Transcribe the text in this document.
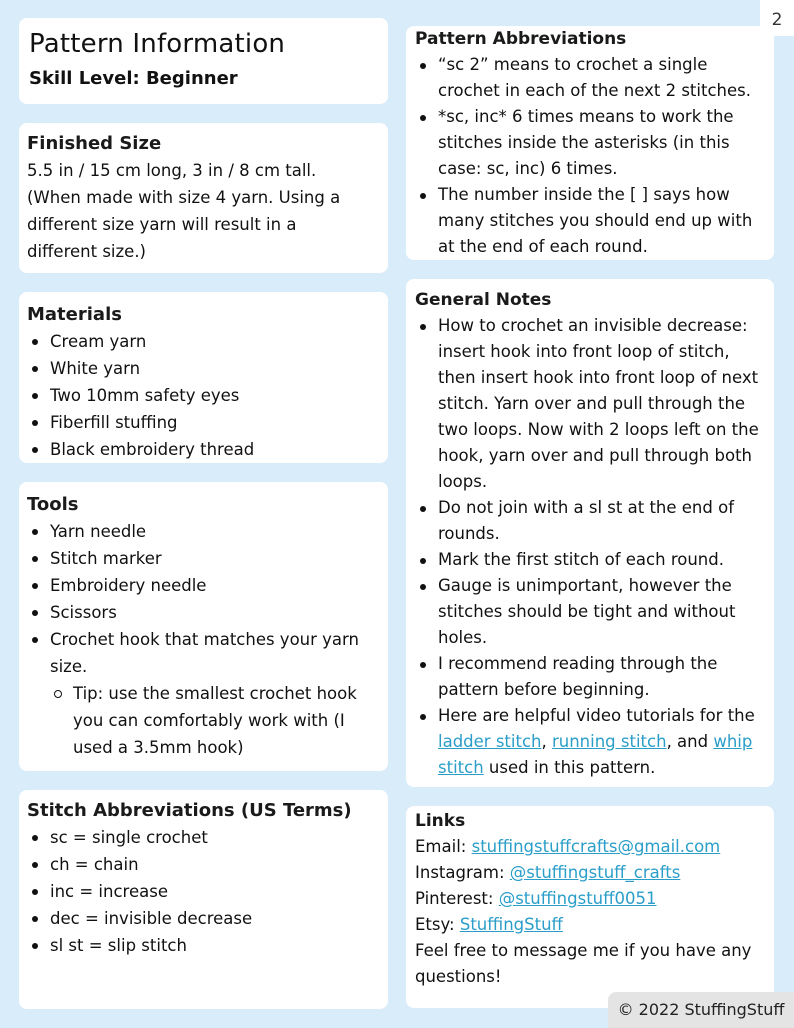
2
Pattern Information
Skill Level: Beginner
Finished Size
5.5 in / 15 cm long, 3 in / 8 cm tall.
(When made with size 4 yarn. Using a
different size yarn will result in a
different size.)
Materials
Cream yarn
White yarn
Two 10mm safety eyes
Fiberfill stuffing
Black embroidery thread
Tools
Yarn needle
Stitch marker
Embroidery needle
Scissors
Crochet hook that matches your yarn size.
Tip: use the smallest crochet hook you can comfortably work with (I used a 3.5mm hook)
Stitch Abbreviations (US Terms)
sc = single crochet
ch = chain
inc = increase
dec = invisible decrease
sl st = slip stitch
Pattern Abbreviations
“sc 2” means to crochet a single crochet in each of the next 2 stitches.
*sc, inc* 6 times means to work the stitches inside the asterisks (in this case: sc, inc) 6 times.
The number inside the [ ] says how many stitches you should end up with at the end of each round.
General Notes
How to crochet an invisible decrease: insert hook into front loop of stitch, then insert hook into front loop of next stitch. Yarn over and pull through the two loops. Now with 2 loops left on the hook, yarn over and pull through both loops.
Do not join with a sl st at the end of rounds.
Mark the first stitch of each round.
Gauge is unimportant, however the stitches should be tight and without holes.
I recommend reading through the pattern before beginning.
Here are helpful video tutorials for the ladder stitch, running stitch, and whip stitch used in this pattern.
Links
Email: stuffingstuffcrafts@gmail.com
Instagram: @stuffingstuff_crafts
Pinterest: @stuffingstuff0051
Etsy: StuffingStuff
Feel free to message me if you have any questions!
© 2022 StuffingStuff
